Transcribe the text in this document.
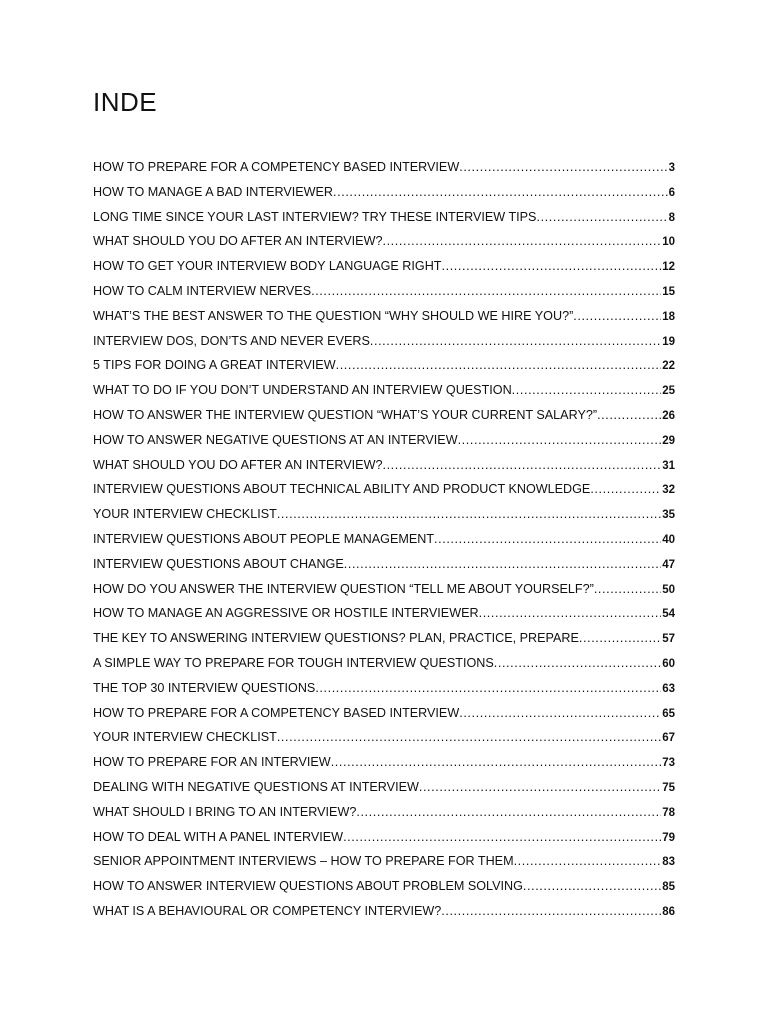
INDE
HOW TO PREPARE FOR A COMPETENCY BASED INTERVIEW .....	3
HOW TO MANAGE A BAD INTERVIEWER .....	6
LONG TIME SINCE YOUR LAST INTERVIEW? TRY THESE INTERVIEW TIPS .....	8
WHAT SHOULD YOU DO AFTER AN INTERVIEW? .....	10
HOW TO GET YOUR INTERVIEW BODY LANGUAGE RIGHT .....	12
HOW TO CALM INTERVIEW NERVES .....	15
WHAT’S THE BEST ANSWER TO THE QUESTION “WHY SHOULD WE HIRE YOU?” .....	18
INTERVIEW DOS, DON’TS AND NEVER EVERS .....	19
5 TIPS FOR DOING A GREAT INTERVIEW .....	22
WHAT TO DO IF YOU DON’T UNDERSTAND AN INTERVIEW QUESTION .....	25
HOW TO ANSWER THE INTERVIEW QUESTION “WHAT’S YOUR CURRENT SALARY?” .....	26
HOW TO ANSWER NEGATIVE QUESTIONS AT AN INTERVIEW .....	29
WHAT SHOULD YOU DO AFTER AN INTERVIEW? .....	31
INTERVIEW QUESTIONS ABOUT TECHNICAL ABILITY AND PRODUCT KNOWLEDGE .....	32
YOUR INTERVIEW CHECKLIST .....	35
INTERVIEW QUESTIONS ABOUT PEOPLE MANAGEMENT .....	40
INTERVIEW QUESTIONS ABOUT CHANGE .....	47
HOW DO YOU ANSWER THE INTERVIEW QUESTION “TELL ME ABOUT YOURSELF?” .....	50
HOW TO MANAGE AN AGGRESSIVE OR HOSTILE INTERVIEWER .....	54
THE KEY TO ANSWERING INTERVIEW QUESTIONS? PLAN, PRACTICE, PREPARE .....	57
A SIMPLE WAY TO PREPARE FOR TOUGH INTERVIEW QUESTIONS .....	60
THE TOP 30 INTERVIEW QUESTIONS .....	63
HOW TO PREPARE FOR A COMPETENCY BASED INTERVIEW .....	65
YOUR INTERVIEW CHECKLIST .....	67
HOW TO PREPARE FOR AN INTERVIEW .....	73
DEALING WITH NEGATIVE QUESTIONS AT INTERVIEW .....	75
WHAT SHOULD I BRING TO AN INTERVIEW? .....	78
HOW TO DEAL WITH A PANEL INTERVIEW .....	79
SENIOR APPOINTMENT INTERVIEWS – HOW TO PREPARE FOR THEM .....	83
HOW TO ANSWER INTERVIEW QUESTIONS ABOUT PROBLEM SOLVING .....	85
WHAT IS A BEHAVIOURAL OR COMPETENCY INTERVIEW? .....	86
